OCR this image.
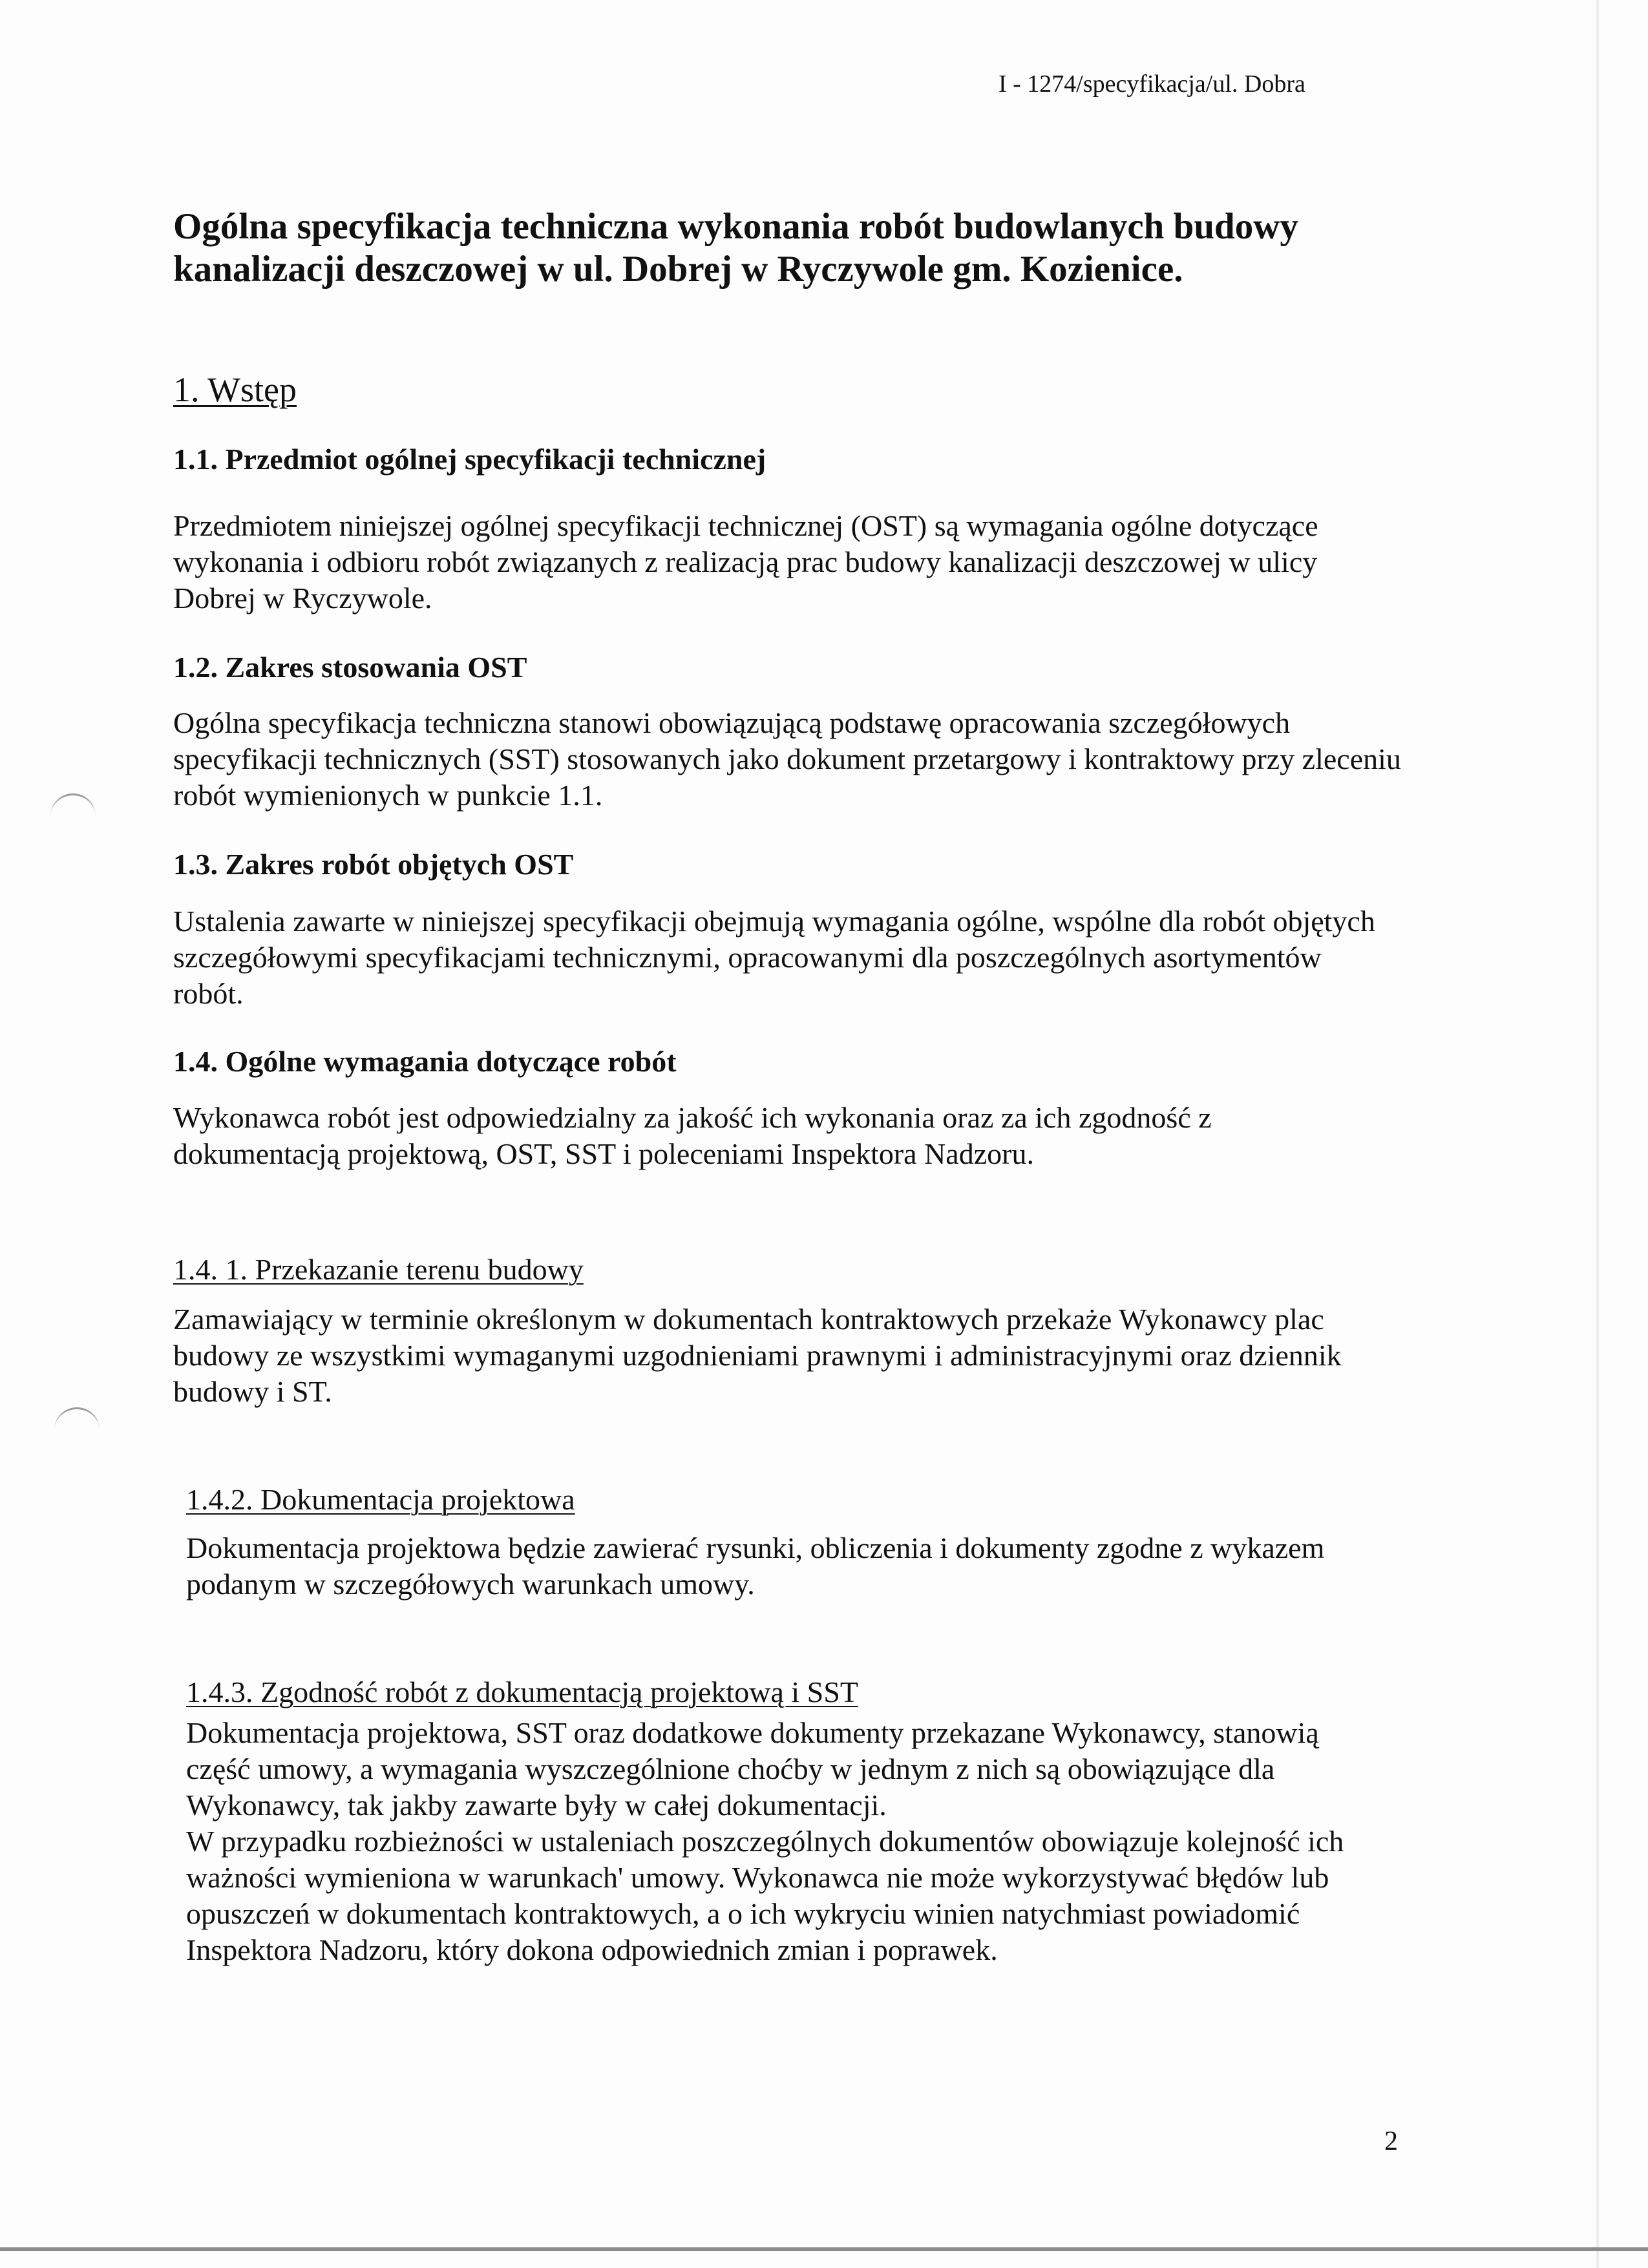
I - 1274/specyfikacja/ul. Dobra
Ogólna specyfikacja techniczna wykonania robót budowlanych budowy kanalizacji deszczowej w ul. Dobrej w Ryczywole gm. Kozienice.
1. Wstęp
1.1. Przedmiot ogólnej specyfikacji technicznej
Przedmiotem niniejszej ogólnej specyfikacji technicznej (OST) są wymagania ogólne dotyczące wykonania i odbioru robót związanych z realizacją prac budowy kanalizacji deszczowej w ulicy Dobrej w Ryczywole.
1.2. Zakres stosowania OST
Ogólna specyfikacja techniczna stanowi obowiązującą podstawę opracowania szczegółowych specyfikacji technicznych (SST) stosowanych jako dokument przetargowy i kontraktowy przy zleceniu robót wymienionych w punkcie 1.1.
1.3. Zakres robót objętych OST
Ustalenia zawarte w niniejszej specyfikacji obejmują wymagania ogólne, wspólne dla robót objętych szczegółowymi specyfikacjami technicznymi, opracowanymi dla poszczególnych asortymentów robót.
1.4. Ogólne wymagania dotyczące robót
Wykonawca robót jest odpowiedzialny za jakość ich wykonania oraz za ich zgodność z dokumentacją projektową, OST, SST i poleceniami Inspektora Nadzoru.
1.4. 1. Przekazanie terenu budowy
Zamawiający w terminie określonym w dokumentach kontraktowych przekaże Wykonawcy plac budowy ze wszystkimi wymaganymi uzgodnieniami prawnymi i administracyjnymi oraz dziennik budowy i ST.
1.4.2. Dokumentacja projektowa
Dokumentacja projektowa będzie zawierać rysunki, obliczenia i dokumenty zgodne z wykazem podanym w szczegółowych warunkach umowy.
1.4.3. Zgodność robót z dokumentacją projektową i SST

Dokumentacja projektowa, SST oraz dodatkowe dokumenty przekazane Wykonawcy, stanowią część umowy, a wymagania wyszczególnione choćby w jednym z nich są obowiązujące dla Wykonawcy, tak jakby zawarte były w całej dokumentacji.

W przypadku rozbieżności w ustaleniach poszczególnych dokumentów obowiązuje kolejność ich ważności wymieniona w warunkach' umowy. Wykonawca nie może wykorzystywać błędów lub opuszczeń w dokumentach kontraktowych, a o ich wykryciu winien natychmiast powiadomić Inspektora Nadzoru, który dokona odpowiednich zmian i poprawek.

2
